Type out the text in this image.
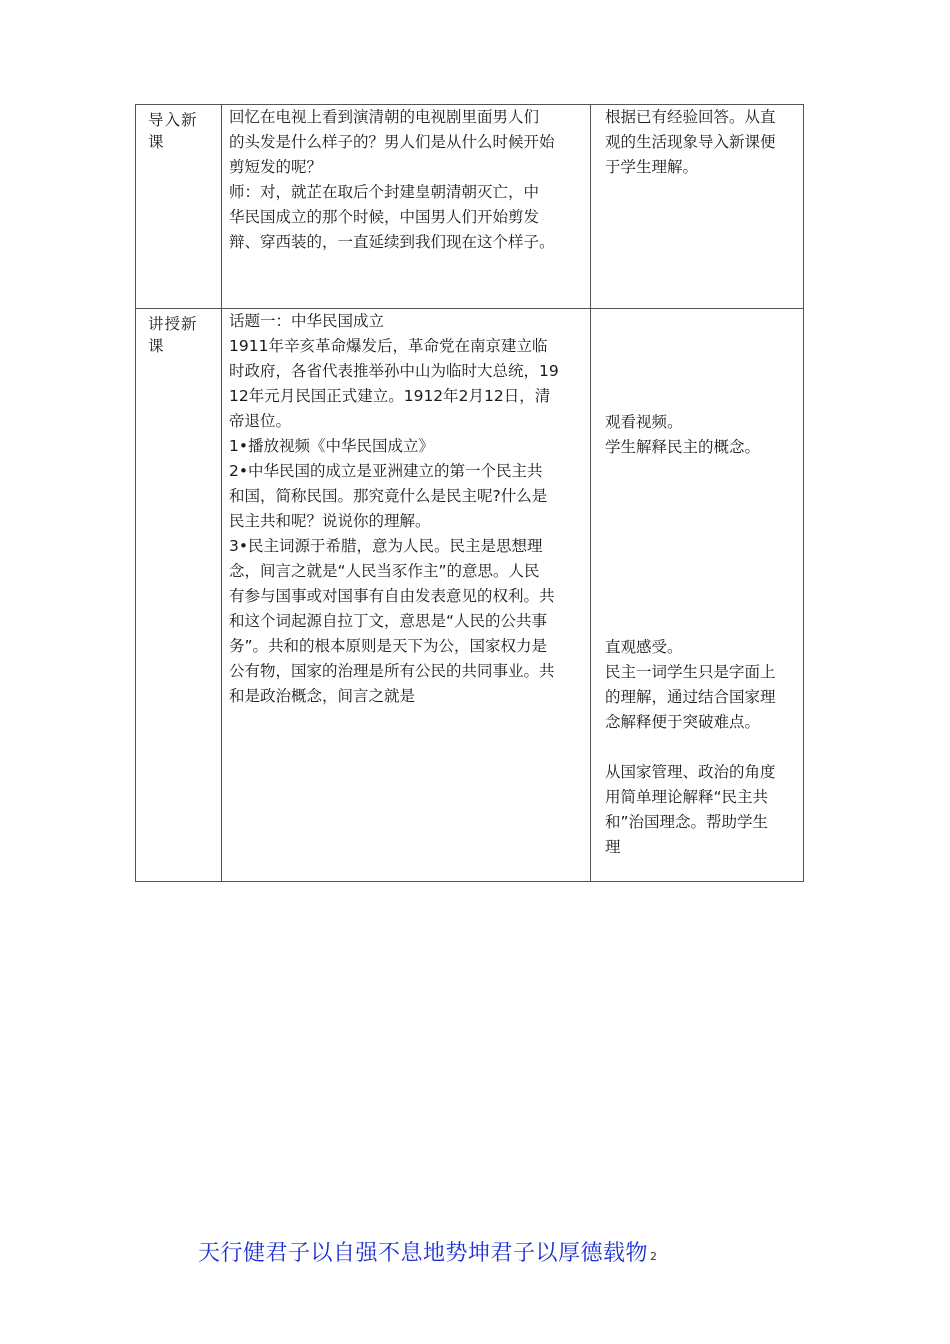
导入新
课

回忆在电视上看到演清朝的电视剧里面男人们
的头发是什么样子的？男人们是从什么时候开始
剪短发的呢？
师：对，就芷在取后个封建皇朝清朝灭亡，中
华民国成立的那个时候，中国男人们开始剪发
辩、穿西装的，一直延续到我们现在这个样子。

根据已有经验回答。从直
观的生活现象导入新课便
于学生理解。

讲授新
课

话题一：中华民国成立
1911年辛亥革命爆发后，革命党在南京建立临
时政府，各省代表推举孙中山为临时大总统，19
12年元月民国正式建立。1912年2月12日，清
帝退位。
1•播放视频《中华民国成立》
2•中华民国的成立是亚洲建立的第一个民主共
和国，简称民国。那究竟什么是民主呢?什么是
民主共和呢？说说你的理解。
3•民主词源于希腊，意为人民。民主是思想理
念，间言之就是“人民当豕作主”的意思。人民
有参与国事或对国事有自由发表意见的权利。共
和这个词起源自拉丁文，意思是“人民的公共事
务”。共和的根本原则是天下为公，国家权力是
公有物，国家的治理是所有公民的共同事业。共
和是政治概念，间言之就是

观看视频。
学生解释民主的概念。

直观感受。
民主一词学生只是字面上
的理解，通过结合国家理
念解释便于突破难点。

从国家管理、政治的角度
用简单理论解释“民主共
和”治国理念。帮助学生
理

天行健君子以自强不息地势坤君子以厚德载物 2
